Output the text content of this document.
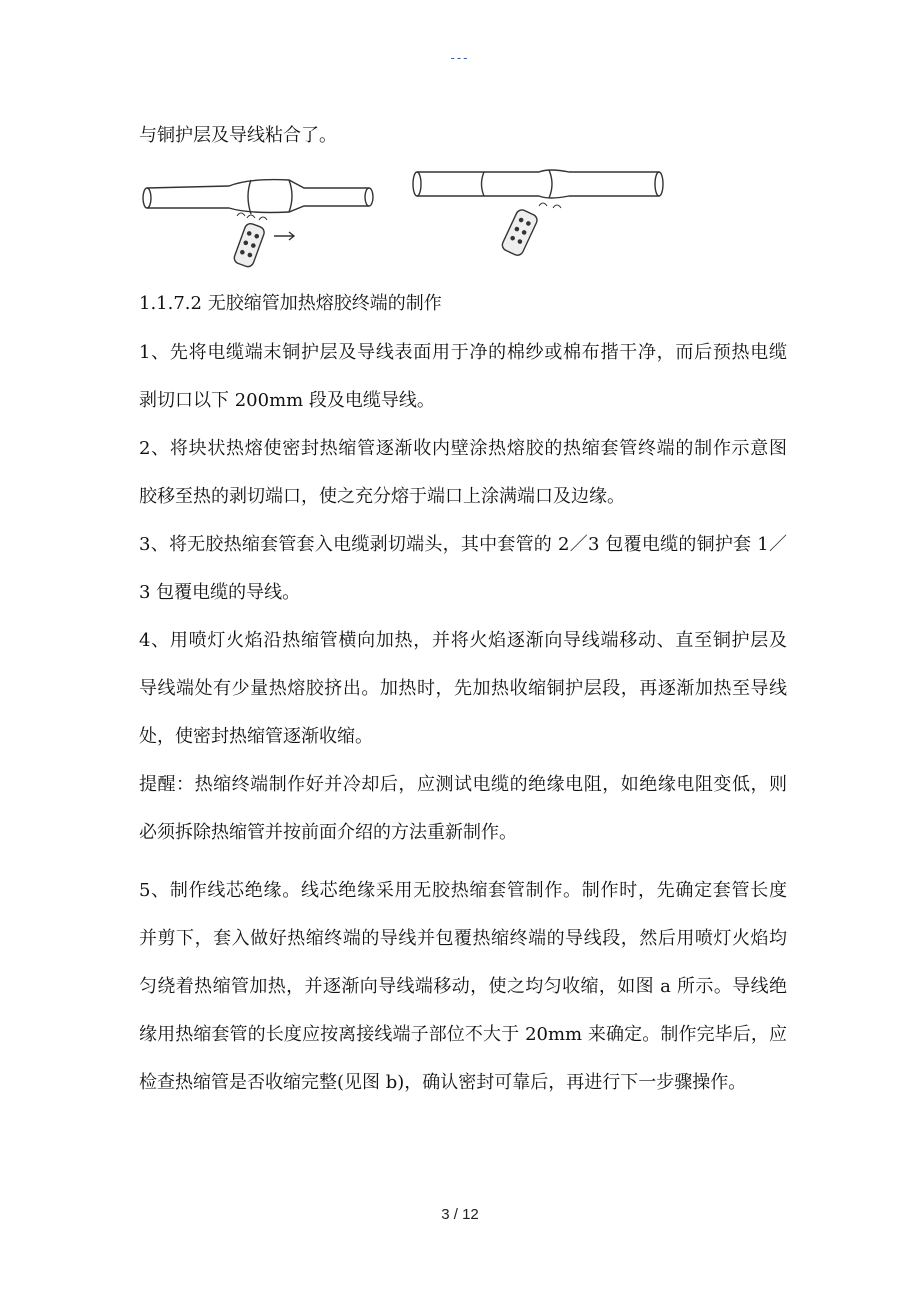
---
与铜护层及导线粘合了。
1.1.7.2 无胶缩管加热熔胶终端的制作
1、先将电缆端末铜护层及导线表面用于净的棉纱或棉布揩干净，而后预热电缆
剥切口以下 200mm 段及电缆导线。
2、将块状热熔使密封热缩管逐渐收内壁涂热熔胶的热缩套管终端的制作示意图
胶移至热的剥切端口，使之充分熔于端口上涂满端口及边缘。
3、将无胶热缩套管套入电缆剥切端头，其中套管的 2／3 包覆电缆的铜护套 1／
3 包覆电缆的导线。
4、用喷灯火焰沿热缩管横向加热，并将火焰逐渐向导线端移动、直至铜护层及
导线端处有少量热熔胶挤出。加热时，先加热收缩铜护层段，再逐渐加热至导线
处，使密封热缩管逐渐收缩。
提醒：热缩终端制作好并冷却后，应测试电缆的绝缘电阻，如绝缘电阻变低，则
必须拆除热缩管并按前面介绍的方法重新制作。
5、制作线芯绝缘。线芯绝缘采用无胶热缩套管制作。制作时，先确定套管长度
并剪下，套入做好热缩终端的导线并包覆热缩终端的导线段，然后用喷灯火焰均
匀绕着热缩管加热，并逐渐向导线端移动，使之均匀收缩，如图 a 所示。导线绝
缘用热缩套管的长度应按离接线端子部位不大于 20mm 来确定。制作完毕后，应
检查热缩管是否收缩完整(见图 b)，确认密封可靠后，再进行下一步骤操作。
3 / 12
